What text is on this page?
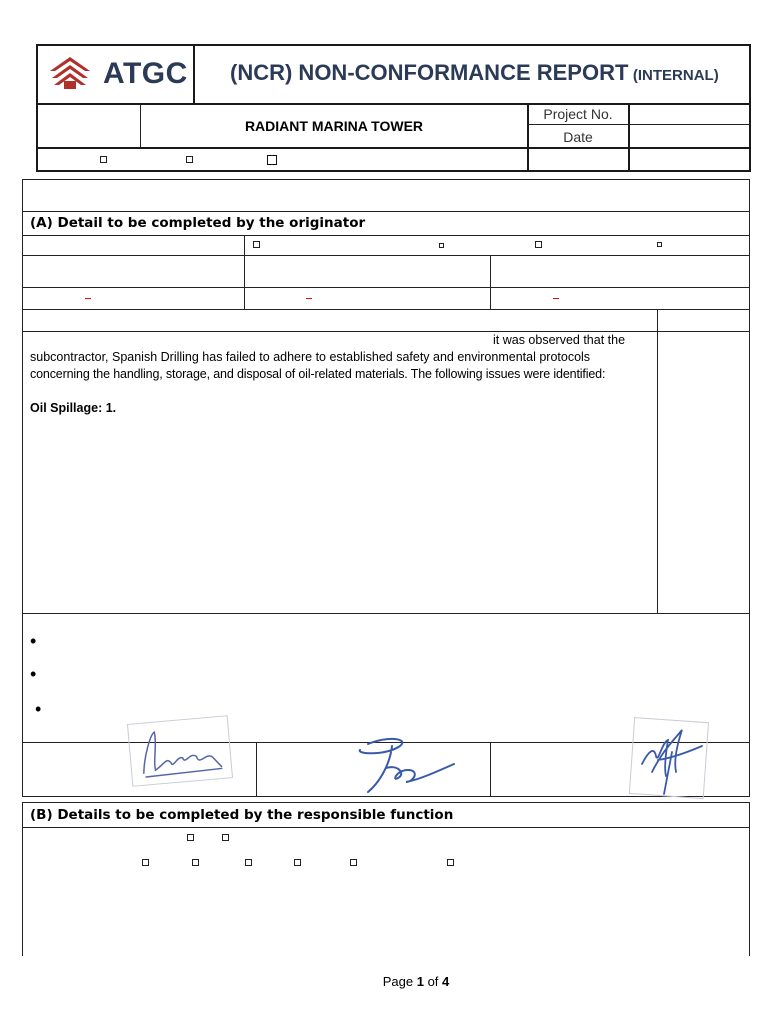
ATGC (NCR) NON-CONFORMANCE REPORT (INTERNAL)
RADIANT MARINA TOWER
Project No.
Date
(A) Detail to be completed by the originator
it was observed that the
subcontractor, Spanish Drilling has failed to adhere to established safety and environmental protocols
concerning the handling, storage, and disposal of oil-related materials. The following issues were identified:
Oil Spillage: 1.
•
•
•
(B) Details to be completed by the responsible function
Page 1 of 4
